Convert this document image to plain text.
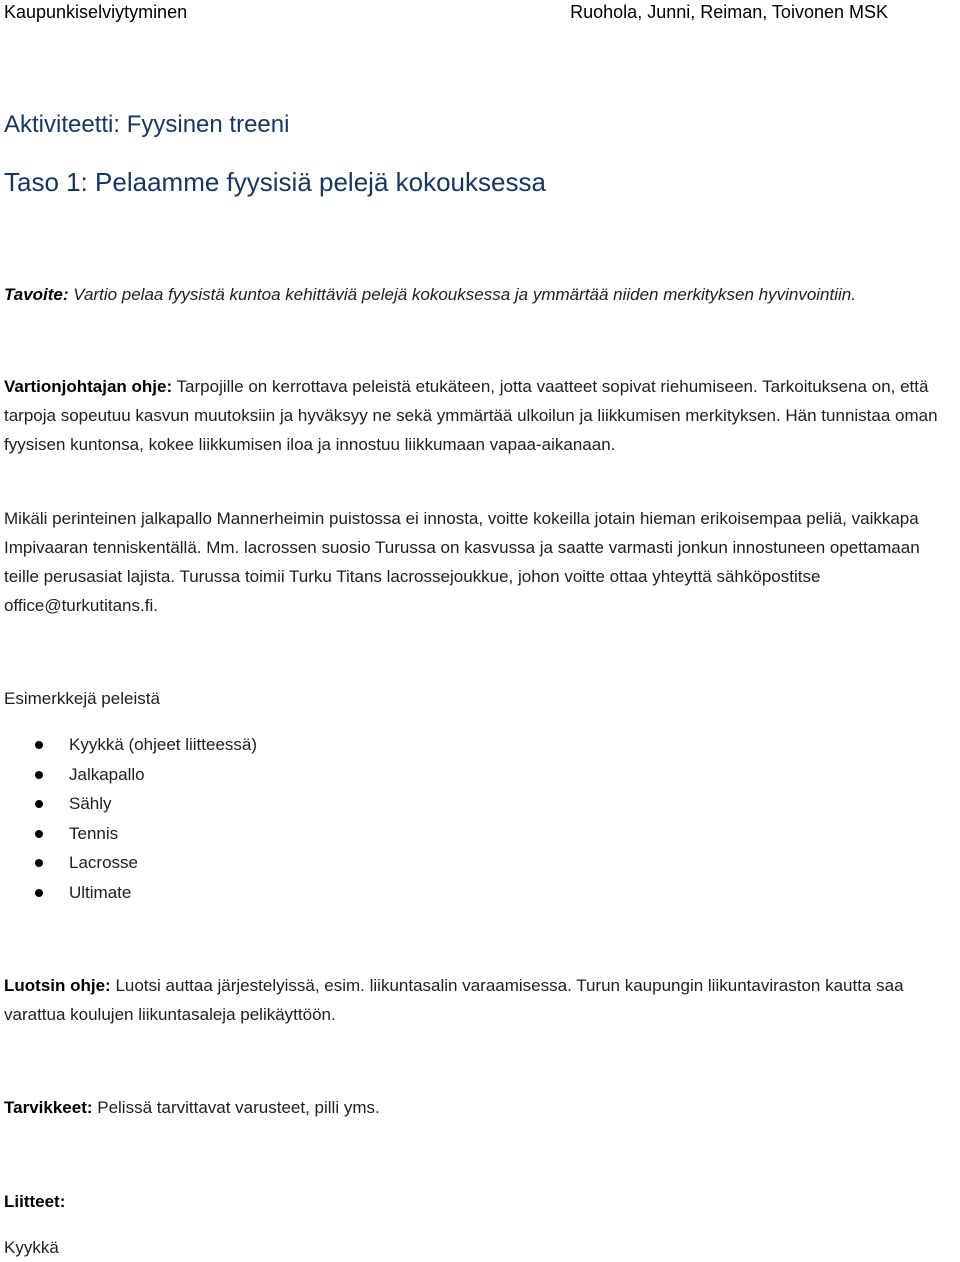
Kaupunkiselviytyminen	Ruohola, Junni, Reiman, Toivonen MSK
Aktiviteetti: Fyysinen treeni
Taso 1: Pelaamme fyysisiä pelejä kokouksessa
Tavoite: Vartio pelaa fyysistä kuntoa kehittäviä pelejä kokouksessa ja ymmärtää niiden merkityksen hyvinvointiin.
Vartionjohtajan ohje: Tarpojille on kerrottava peleistä etukäteen, jotta vaatteet sopivat riehumiseen. Tarkoituksena on, että tarpoja sopeutuu kasvun muutoksiin ja hyväksyy ne sekä ymmärtää ulkoilun ja liikkumisen merkityksen. Hän tunnistaa oman fyysisen kuntonsa, kokee liikkumisen iloa ja innostuu liikkumaan vapaa-aikanaan.
Mikäli perinteinen jalkapallo Mannerheimin puistossa ei innosta, voitte kokeilla jotain hieman erikoisempaa peliä, vaikkapa Impivaaran tenniskentällä. Mm. lacrossen suosio Turussa on kasvussa ja saatte varmasti jonkun innostuneen opettamaan teille perusasiat lajista. Turussa toimii Turku Titans lacrossejoukkue, johon voitte ottaa yhteyttä sähköpostitse office@turkutitans.fi.
Esimerkkejä peleistä
Kyykkä (ohjeet liitteessä)
Jalkapallo
Sähly
Tennis
Lacrosse
Ultimate
Luotsin ohje: Luotsi auttaa järjestelyissä, esim. liikuntasalin varaamisessa. Turun kaupungin liikuntaviraston kautta saa varattua koulujen liikuntasaleja pelikäyttöön.
Tarvikkeet: Pelissä tarvittavat varusteet, pilli yms.
Liitteet:
Kyykkä
